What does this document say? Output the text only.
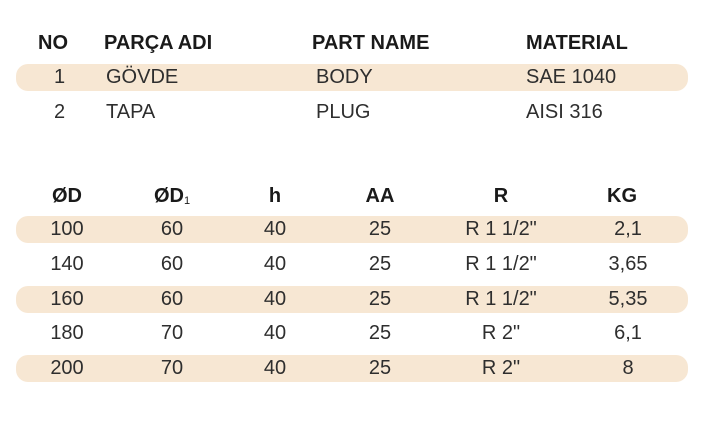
NO PARÇA ADI	PART NAME	MATERIAL
1 GÖVDE	BODY	SAE 1040
2 TAPA	PLUG	AISI 316
ØD	$ØD_1$	h	AA	R	KG
100	60	40	25	R 1 1/2"	2,1
140	60	40	25	R 1 1/2"	3,65
160	60	40	25	R 1 1/2"	5,35
180	70	40	25	R 2"	6,1
200	70	40	25	R 2"	8
